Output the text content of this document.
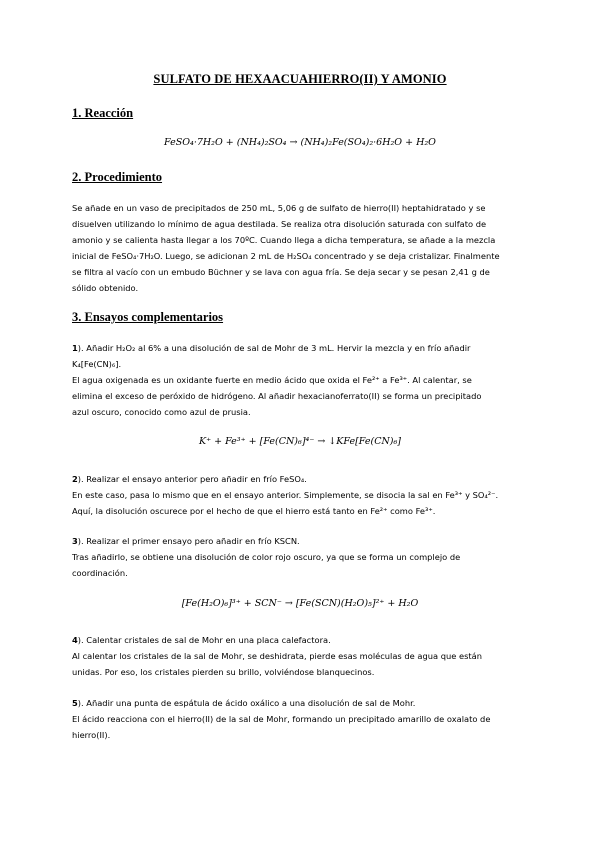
SULFATO DE HEXAACUAHIERRO(II) Y AMONIO
1. Reacción
FeSO₄·7H₂O + (NH₄)₂SO₄ → (NH₄)₂Fe(SO₄)₂·6H₂O + H₂O
2. Procedimiento

Se añade en un vaso de precipitados de 250 mL, 5,06 g de sulfato de hierro(II) heptahidratado y se

disuelven utilizando lo mínimo de agua destilada. Se realiza otra disolución saturada con sulfato de

amonio y se calienta hasta llegar a los 70ºC. Cuando llega a dicha temperatura, se añade a la mezcla

inicial de FeSO₄·7H₂O. Luego, se adicionan 2 mL de H₂SO₄ concentrado y se deja cristalizar. Finalmente

se filtra al vacío con un embudo Büchner y se lava con agua fría. Se deja secar y se pesan 2,41 g de

sólido obtenido.

3. Ensayos complementarios

1). Añadir H₂O₂ al 6% a una disolución de sal de Mohr de 3 mL. Hervir la mezcla y en frío añadir

K₄[Fe(CN)₆].

El agua oxigenada es un oxidante fuerte en medio ácido que oxida el Fe²⁺ a Fe³⁺. Al calentar, se

elimina el exceso de peróxido de hidrógeno. Al añadir hexacianoferrato(II) se forma un precipitado

azul oscuro, conocido como azul de prusia.

K⁺ + Fe³⁺ + [Fe(CN)₆]⁴⁻ → ↓KFe[Fe(CN)₆]

2). Realizar el ensayo anterior pero añadir en frío FeSO₄.

En este caso, pasa lo mismo que en el ensayo anterior. Simplemente, se disocia la sal en Fe³⁺ y SO₄²⁻.

Aquí, la disolución oscurece por el hecho de que el hierro está tanto en Fe²⁺ como Fe³⁺.

3). Realizar el primer ensayo pero añadir en frío KSCN.

Tras añadirlo, se obtiene una disolución de color rojo oscuro, ya que se forma un complejo de

coordinación.

[Fe(H₂O)₆]³⁺ + SCN⁻ → [Fe(SCN)(H₂O)₅]²⁺ + H₂O

4). Calentar cristales de sal de Mohr en una placa calefactora.

Al calentar los cristales de la sal de Mohr, se deshidrata, pierde esas moléculas de agua que están

unidas. Por eso, los cristales pierden su brillo, volviéndose blanquecinos.

5). Añadir una punta de espátula de ácido oxálico a una disolución de sal de Mohr.

El ácido reacciona con el hierro(II) de la sal de Mohr, formando un precipitado amarillo de oxalato de

hierro(II).
